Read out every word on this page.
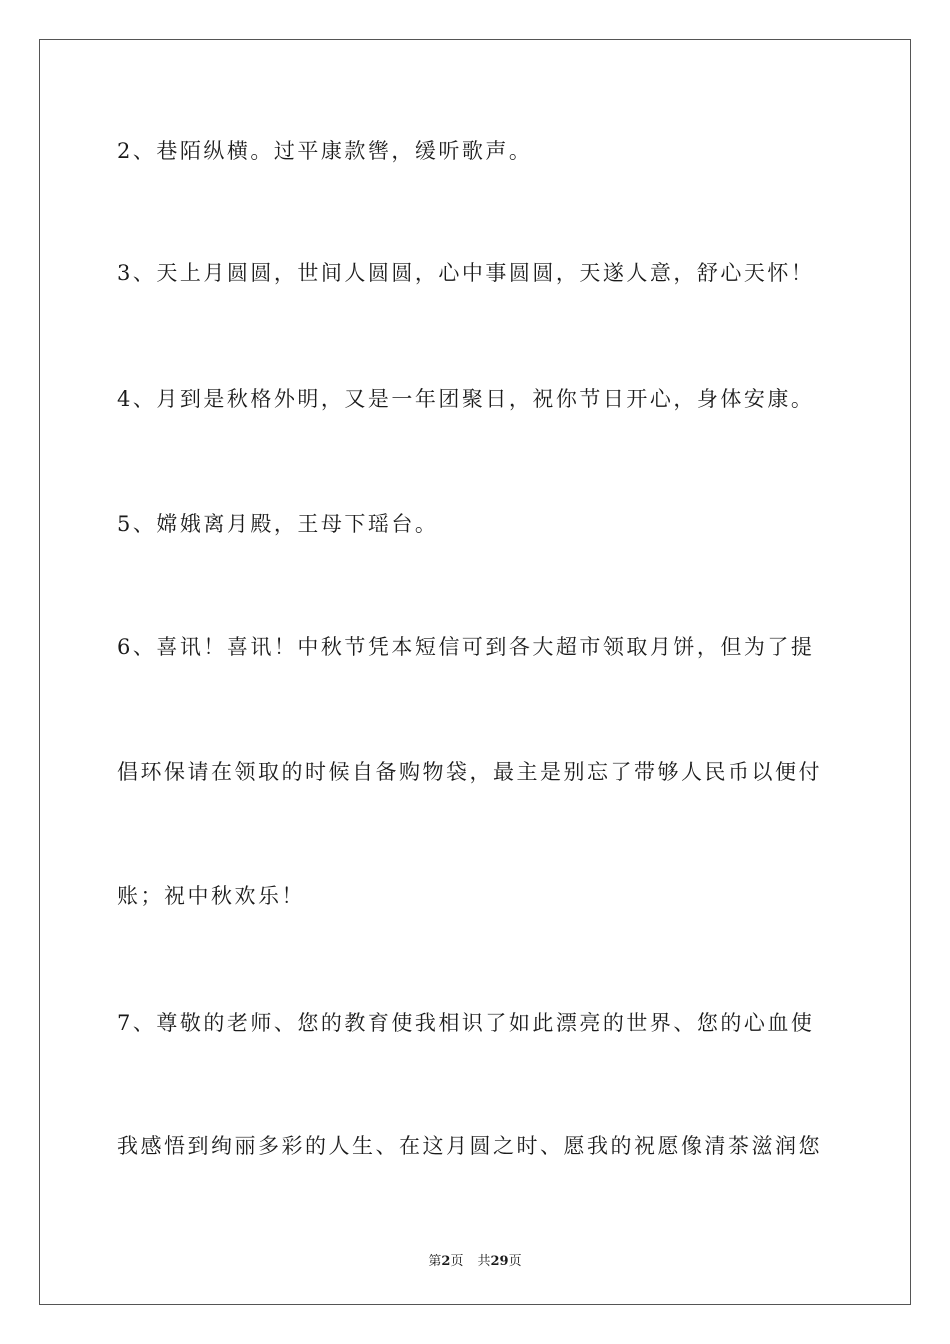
2、巷陌纵横。过平康款辔，缓听歌声。
3、天上月圆圆，世间人圆圆，心中事圆圆，天遂人意，舒心天怀！
4、月到是秋格外明，又是一年团聚日，祝你节日开心，身体安康。
5、嫦娥离月殿，王母下瑶台。
6、喜讯！喜讯！中秋节凭本短信可到各大超市领取月饼，但为了提
倡环保请在领取的时候自备购物袋，最主是别忘了带够人民币以便付
账；祝中秋欢乐！
7、尊敬的老师、您的教育使我相识了如此漂亮的世界、您的心血使
我感悟到绚丽多彩的人生、在这月圆之时、愿我的祝愿像清茶滋润您
第2页 共29页
